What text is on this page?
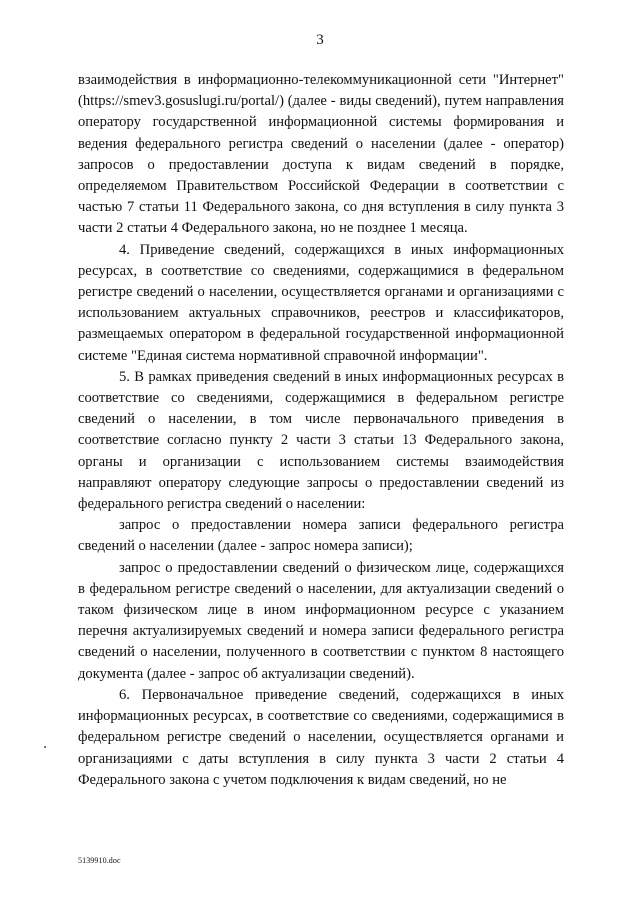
3

взаимодействия в информационно-телекоммуникационной сети "Интернет" (https://smev3.gosuslugi.ru/portal/) (далее - виды сведений), путем направления оператору государственной информационной системы формирования и ведения федерального регистра сведений о населении (далее - оператор) запросов о предоставлении доступа к видам сведений в порядке, определяемом Правительством Российской Федерации в соответствии с частью 7 статьи 11 Федерального закона, со дня вступления в силу пункта 3 части 2 статьи 4 Федерального закона, но не позднее 1 месяца.

4. Приведение сведений, содержащихся в иных информационных ресурсах, в соответствие со сведениями, содержащимися в федеральном регистре сведений о населении, осуществляется органами и организациями с использованием актуальных справочников, реестров и классификаторов, размещаемых оператором в федеральной государственной информационной системе "Единая система нормативной справочной информации".

5. В рамках приведения сведений в иных информационных ресурсах в соответствие со сведениями, содержащимися в федеральном регистре сведений о населении, в том числе первоначального приведения в соответствие согласно пункту 2 части 3 статьи 13 Федерального закона, органы и организации с использованием системы взаимодействия направляют оператору следующие запросы о предоставлении сведений из федерального регистра сведений о населении:

запрос о предоставлении номера записи федерального регистра сведений о населении (далее - запрос номера записи);

запрос о предоставлении сведений о физическом лице, содержащихся в федеральном регистре сведений о населении, для актуализации сведений о таком физическом лице в ином информационном ресурсе с указанием перечня актуализируемых сведений и номера записи федерального регистра сведений о населении, полученного в соответствии с пунктом 8 настоящего документа (далее - запрос об актуализации сведений).

6. Первоначальное приведение сведений, содержащихся в иных информационных ресурсах, в соответствие со сведениями, содержащимися в федеральном регистре сведений о населении, осуществляется органами и организациями с даты вступления в силу пункта 3 части 2 статьи 4 Федерального закона с учетом подключения к видам сведений, но не

5139910.doc
